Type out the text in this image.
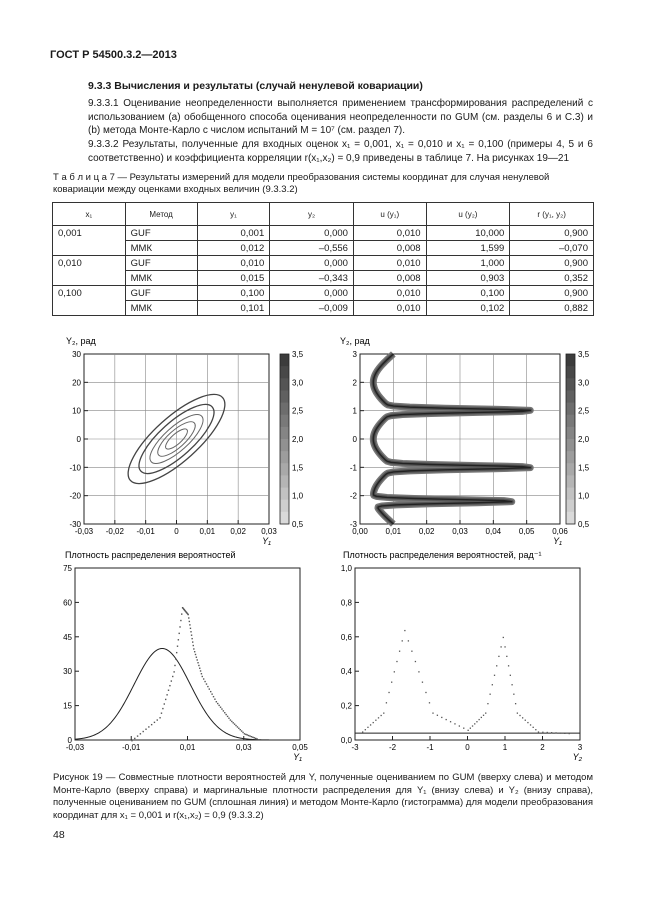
ГОСТ Р 54500.3.2—2013
9.3.3 Вычисления и результаты (случай ненулевой ковариации)
9.3.3.1 Оценивание неопределенности выполняется применением трансформирования распределений с использованием (a) обобщенного способа оценивания неопределенности по GUM (см. разделы 6 и С.3) и (b) метода Монте-Карло с числом испытаний M = 10⁷ (см. раздел 7).
9.3.3.2 Результаты, полученные для входных оценок x₁ = 0,001, x₁ = 0,010 и x₁ = 0,100 (примеры 4, 5 и 6 соответственно) и коэффициента корреляции r(x₁,x₂) = 0,9 приведены в таблице 7. На рисунках 19—21
Т а б л и ц а 7 — Результаты измерений для модели преобразования системы координат для случая ненулевой ковариации между оценками входных величин (9.3.3.2)
x₁	Метод	y₁	y₂	u (y₁)	u (y₂)	r (y₁, y₂)
0,001	GUF	0,001	0,000	0,010	10,000	0,900
	ММК	0,012	–0,556	0,008	1,599	–0,070
0,010	GUF	0,010	0,000	0,010	1,000	0,900
	ММК	0,015	–0,343	0,008	0,903	0,352
0,100	GUF	0,100	0,000	0,010	0,100	0,900
	ММК	0,101	–0,009	0,010	0,102	0,882
Y₂, рад
-0,03 -0,02 -0,01 0	0,01 0,02 0,03
30
20
10
0
-10
-20
-30
Y₁
3,5
3,0
2,5
2,0
1,5
1,0
0,5
Y₂, рад
0,00 0,01 0,02 0,03 0,04 0,05 0,06
3
2
1
0
-1
-2
-3
Y₁
3,5
3,0
2,5
2,0
1,5
1,0
0,5
Плотность распределения вероятностей
-0,03	-0,01	0,01	0,03	0,05
75
60
45
30
15
0
Y₁
Плотность распределения вероятностей, рад⁻¹
-3	-2	-1	0	1	2	3
1,0
0,8
0,6
0,4
0,2
0,0
Y₂
Рисунок 19 — Совместные плотности вероятностей для Y, полученные оцениванием по GUM (вверху слева) и методом Монте-Карло (вверху справа) и маргинальные плотности распределения для Y₁ (внизу слева) и Y₂ (внизу справа), полученные оцениванием по GUM (сплошная линия) и методом Монте-Карло (гистограмма) для модели преобразования координат для x₁ = 0,001 и r(x₁,x₂) = 0,9 (9.3.3.2)
48
